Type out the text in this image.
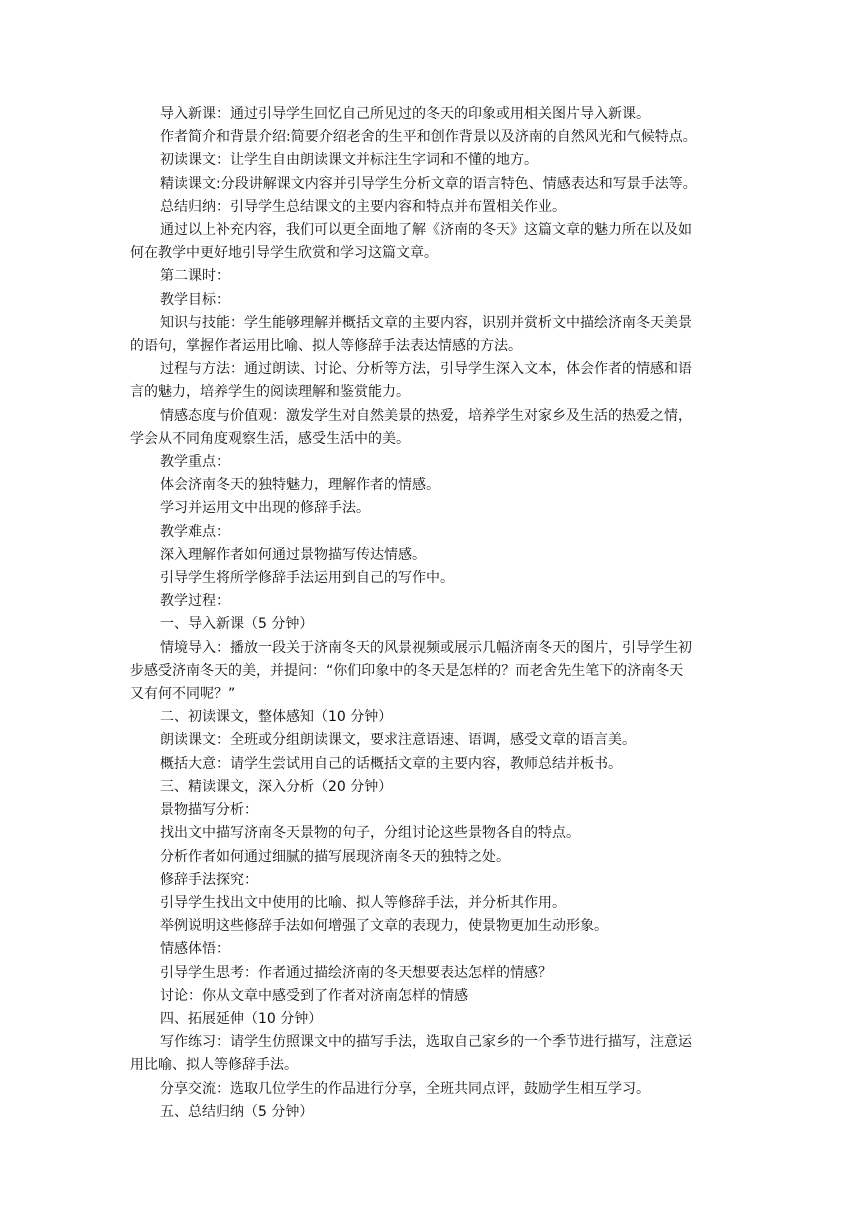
导入新课：通过引导学生回忆自己所见过的冬天的印象或用相关图片导入新课。

作者简介和背景介绍:简要介绍老舍的生平和创作背景以及济南的自然风光和气候特点。

初读课文：让学生自由朗读课文并标注生字词和不懂的地方。

精读课文:分段讲解课文内容并引导学生分析文章的语言特色、情感表达和写景手法等。

总结归纳：引导学生总结课文的主要内容和特点并布置相关作业。

通过以上补充内容，我们可以更全面地了解《济南的冬天》这篇文章的魅力所在以及如

何在教学中更好地引导学生欣赏和学习这篇文章。

第二课时：

教学目标：

知识与技能：学生能够理解并概括文章的主要内容，识别并赏析文中描绘济南冬天美景

的语句，掌握作者运用比喻、拟人等修辞手法表达情感的方法。

过程与方法：通过朗读、讨论、分析等方法，引导学生深入文本，体会作者的情感和语

言的魅力，培养学生的阅读理解和鉴赏能力。

情感态度与价值观：激发学生对自然美景的热爱，培养学生对家乡及生活的热爱之情，

学会从不同角度观察生活，感受生活中的美。

教学重点：

体会济南冬天的独特魅力，理解作者的情感。

学习并运用文中出现的修辞手法。

教学难点：

深入理解作者如何通过景物描写传达情感。

引导学生将所学修辞手法运用到自己的写作中。

教学过程：

一、导入新课（5 分钟）

情境导入：播放一段关于济南冬天的风景视频或展示几幅济南冬天的图片，引导学生初

步感受济南冬天的美，并提问：“你们印象中的冬天是怎样的？而老舍先生笔下的济南冬天

又有何不同呢？”

二、初读课文，整体感知（10 分钟）

朗读课文：全班或分组朗读课文，要求注意语速、语调，感受文章的语言美。

概括大意：请学生尝试用自己的话概括文章的主要内容，教师总结并板书。

三、精读课文，深入分析（20 分钟）

景物描写分析：

找出文中描写济南冬天景物的句子，分组讨论这些景物各自的特点。

分析作者如何通过细腻的描写展现济南冬天的独特之处。

修辞手法探究：

引导学生找出文中使用的比喻、拟人等修辞手法，并分析其作用。

举例说明这些修辞手法如何增强了文章的表现力，使景物更加生动形象。

情感体悟：

引导学生思考：作者通过描绘济南的冬天想要表达怎样的情感？

讨论：你从文章中感受到了作者对济南怎样的情感

四、拓展延伸（10 分钟）

写作练习：请学生仿照课文中的描写手法，选取自己家乡的一个季节进行描写，注意运

用比喻、拟人等修辞手法。

分享交流：选取几位学生的作品进行分享，全班共同点评，鼓励学生相互学习。

五、总结归纳（5 分钟）
